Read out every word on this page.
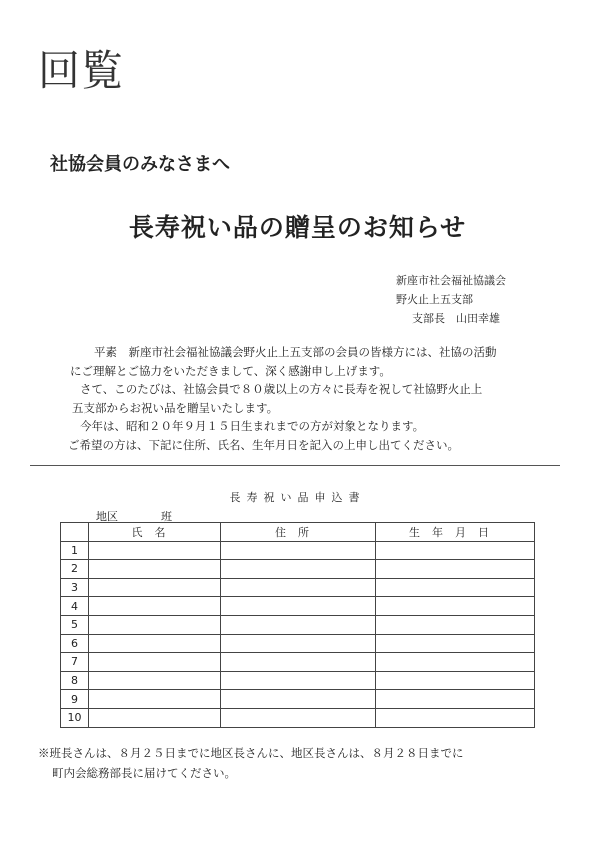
回覧
社協会員のみなさまへ
長寿祝い品の贈呈のお知らせ
新座市社会福祉協議会
野火止上五支部
支部長　山田幸雄

平素　新座市社会福祉協議会野火止上五支部の会員の皆様方には、社協の活動

にご理解とご協力をいただきまして、深く感謝申し上げます。

さて、このたびは、社協会員で８０歳以上の方々に長寿を祝して社協野火止上

五支部からお祝い品を贈呈いたします。

今年は、昭和２０年９月１５日生まれまでの方が対象となります。

ご希望の方は、下記に住所、氏名、生年月日を記入の上申し出てください。

長寿祝い品申込書
地区	班
	氏名	住所	生年月日
1			
2			
3			
4			
5			
6			
7			
8			
9			
10			

※班長さんは、８月２５日までに地区長さんに、地区長さんは、８月２８日までに

町内会総務部長に届けてください。
